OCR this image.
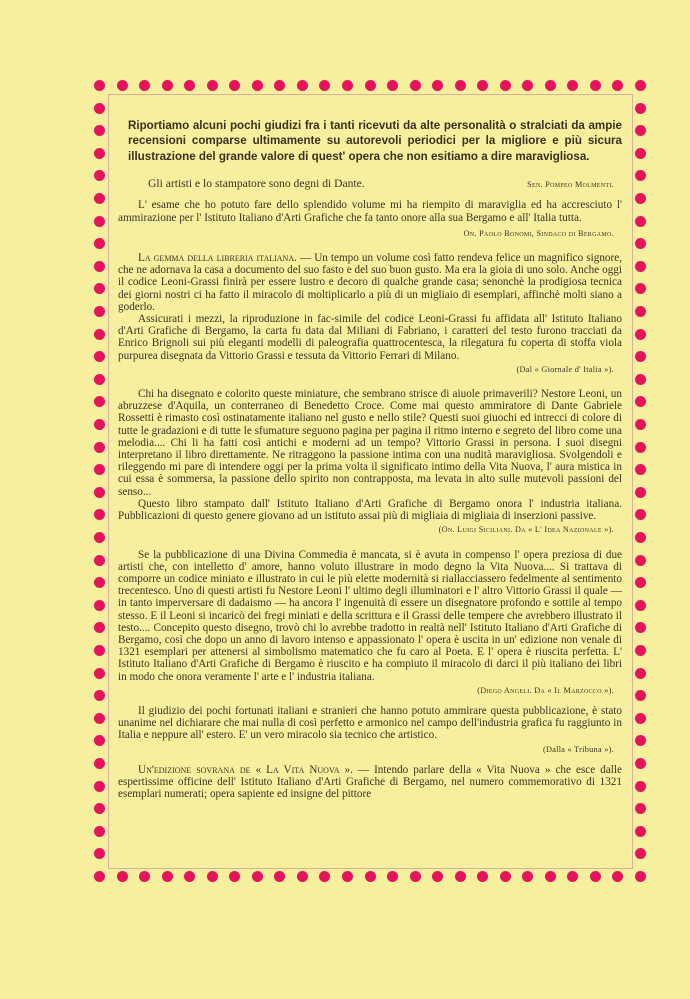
Riportiamo alcuni pochi giudizi fra i tanti ricevuti da alte personalità o stralciati da ampie recensioni comparse ultimamente su autorevoli periodici per la migliore e più sicura illustrazione del grande valore di quest' opera che non esitiamo a dire maravigliosa.

Gli artisti e lo stampatore sono degni di Dante.	Sen. Pompeo Molmenti.

L' esame che ho potuto fare dello splendido volume mi ha riempito di maraviglia ed ha accresciuto l' ammirazione per l' Istituto Italiano d'Arti Grafiche che fa tanto onore alla sua Bergamo e all' Italia tutta.

On. Paolo Bonomi, Sindaco di Bergamo.

La gemma della libreria italiana. — Un tempo un volume così fatto rendeva felice un magnifico signore, che ne adornava la casa a documento del suo fasto e del suo buon gusto. Ma era la gioia di uno solo. Anche oggi il codice Leoni-Grassi finirà per essere lustro e decoro di qualche grande casa; senonchè la prodigiosa tecnica dei giorni nostri ci ha fatto il miracolo di moltiplicarlo a più di un migliaio di esemplari, affinchè molti siano a goderlo.

Assicurati i mezzi, la riproduzione in fac-simile del codice Leoni-Grassi fu affidata all' Istituto Italiano d'Arti Grafiche di Bergamo, la carta fu data dal Miliani di Fabriano, i caratteri del testo furono tracciati da Enrico Brignoli sui più eleganti modelli di paleografia quattrocentesca, la rilegatura fu coperta di stoffa viola purpurea disegnata da Vittorio Grassi e tessuta da Vittorio Ferrari di Milano.

(Dal « Giornale d' Italia »).

Chi ha disegnato e colorito queste miniature, che sembrano strisce di aiuole primaverili? Nestore Leoni, un abruzzese d'Aquila, un conterraneo di Benedetto Croce. Come mai questo ammiratore di Dante Gabriele Rossetti è rimasto così ostinatamente italiano nel gusto e nello stile? Questi suoi giuochi ed intrecci di colore di tutte le gradazioni e di tutte le sfumature seguono pagina per pagina il ritmo interno e segreto del libro come una melodia.... Chi li ha fatti così antichi e moderni ad un tempo? Vittorio Grassi in persona. I suoi disegni interpretano il libro direttamente. Ne ritraggono la passione intima con una nudità maravigliosa. Svolgendoli e rileggendo mi pare di intendere oggi per la prima volta il significato intimo della Vita Nuova, l' aura mistica in cui essa è sommersa, la passione dello spirito non contrapposta, ma levata in alto sulle mutevoli passioni del senso...

Questo libro stampato dall' Istituto Italiano d'Arti Grafiche di Bergamo onora l' industria italiana. Pubblicazioni di questo genere giovano ad un istituto assai più di migliaia di migliaia di inserzioni passive.

(On. Luigi Siciliani. Da « L' Idea Nazionale »).

Se la pubblicazione di una Divina Commedia è mancata, si è avuta in compenso l' opera preziosa di due artisti che, con intelletto d' amore, hanno voluto illustrare in modo degno la Vita Nuova.... Si trattava di comporre un codice miniato e illustrato in cui le più elette modernità si riallacciassero fedelmente al sentimento trecentesco. Uno di questi artisti fu Nestore Leoni l' ultimo degli illuminatori e l' altro Vittorio Grassi il quale — in tanto imperversare di dadaismo — ha ancora l' ingenuità di essere un disegnatore profondo e sottile al tempo stesso. E il Leoni si incaricò dei fregi miniati e della scrittura e il Grassi delle tempere che avrebbero illustrato il testo.... Concepito questo disegno, trovò chi lo avrebbe tradotto in realtà nell' Istituto Italiano d'Arti Grafiche di Bergamo, così che dopo un anno di lavoro intenso e appassionato l' opera è uscita in un' edizione non venale di 1321 esemplari per attenersi al simbolismo matematico che fu caro al Poeta. E l' opera è riuscita perfetta. L' Istituto Italiano d'Arti Grafiche di Bergamo è riuscito e ha compiuto il miracolo di darci il più italiano dei libri in modo che onora veramente l' arte e l' industria italiana.

(Diego Angeli. Da « Il Marzocco »).

Il giudizio dei pochi fortunati italiani e stranieri che hanno potuto ammirare questa pubblicazione, è stato unanime nel dichiarare che mai nulla di così perfetto e armonico nel campo dell'industria grafica fu raggiunto in Italia e neppure all' estero. E' un vero miracolo sia tecnico che artistico.

(Dalla « Tribuna »).

Un'edizione sovrana de « La Vita Nuova ». — Intendo parlare della « Vita Nuova » che esce dalle espertissime officine dell' Istituto Italiano d'Arti Grafiche di Bergamo, nel numero commemorativo di 1321 esemplari numerati; opera sapiente ed insigne del pittore
